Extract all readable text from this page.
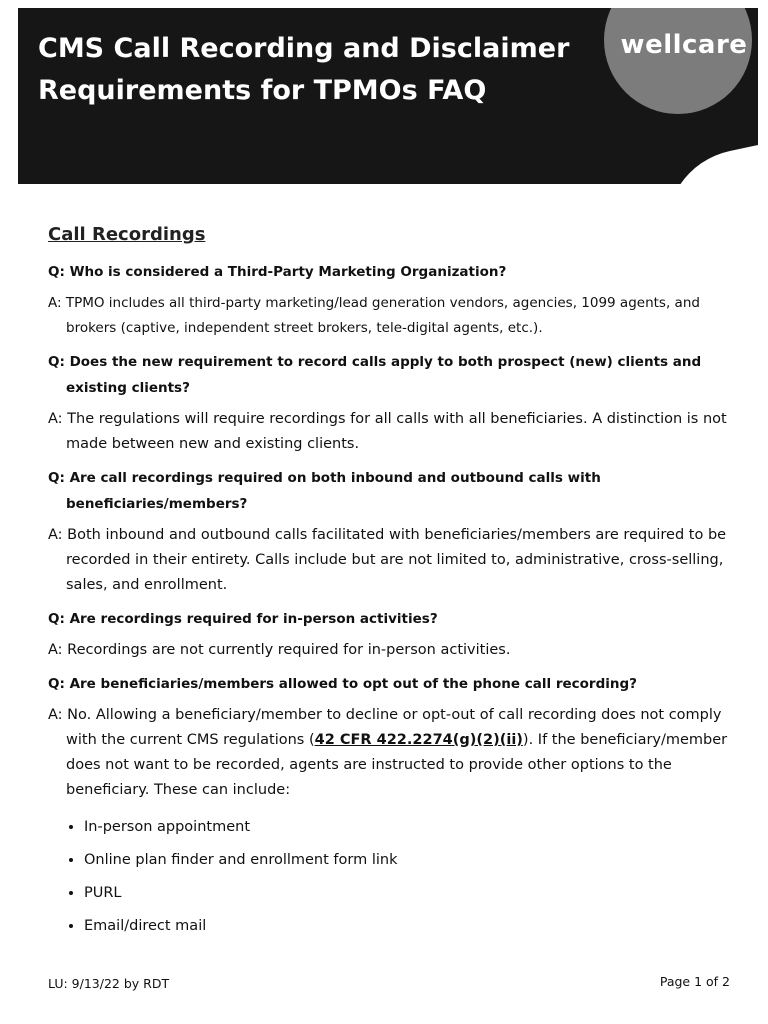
wellcare
CMS Call Recording and Disclaimer
Requirements for TPMOs FAQ
Call Recordings

Q: Who is considered a Third-Party Marketing Organization?

A: TPMO includes all third-party marketing/lead generation vendors, agencies, 1099 agents, and brokers (captive, independent street brokers, tele-digital agents, etc.).

Q: Does the new requirement to record calls apply to both prospect (new) clients and existing clients?

A: The regulations will require recordings for all calls with all beneficiaries. A distinction is not made between new and existing clients.

Q: Are call recordings required on both inbound and outbound calls with beneficiaries/members?

A: Both inbound and outbound calls facilitated with beneficiaries/members are required to be recorded in their entirety. Calls include but are not limited to, administrative, cross-selling, sales, and enrollment.

Q: Are recordings required for in-person activities?

A: Recordings are not currently required for in-person activities.

Q: Are beneficiaries/members allowed to opt out of the phone call recording?

A: No. Allowing a beneficiary/member to decline or opt-out of call recording does not comply with the current CMS regulations (42 CFR 422.2274(g)(2)(ii)). If the beneficiary/member does not want to be recorded, agents are instructed to provide other options to the beneficiary. These can include:

• In-person appointment
• Online plan finder and enrollment form link
• PURL
• Email/direct mail
LU: 9/13/22 by RDT	Page 1 of 2
